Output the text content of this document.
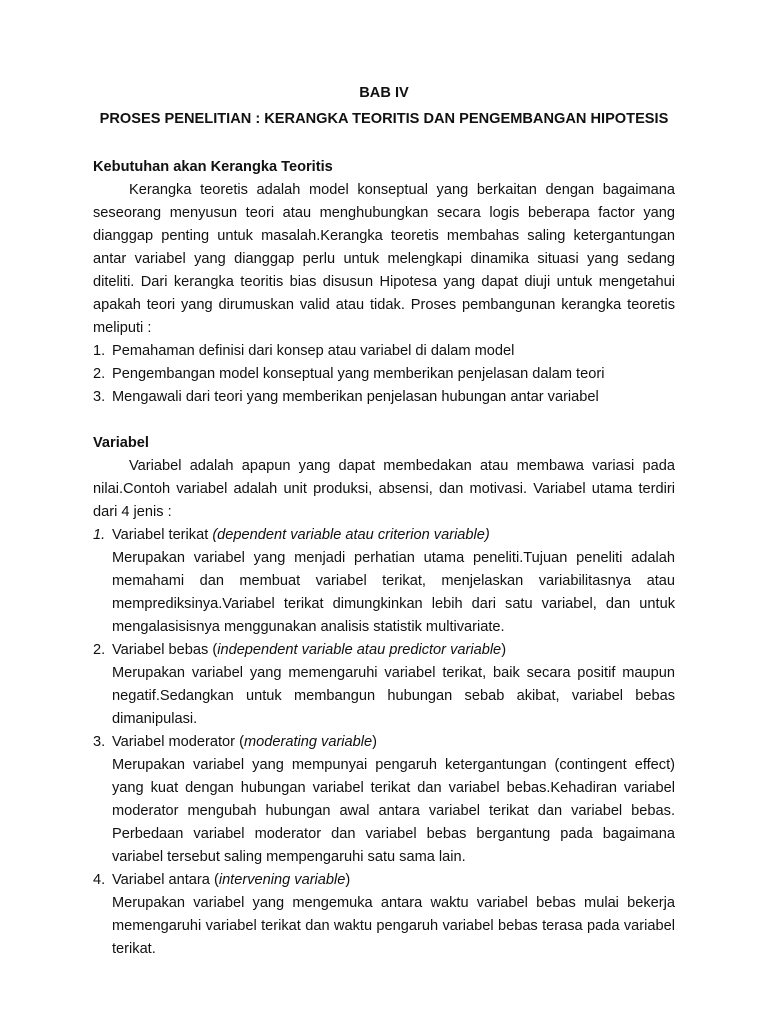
BAB IV
PROSES PENELITIAN : KERANGKA TEORITIS DAN PENGEMBANGAN HIPOTESIS
Kebutuhan akan Kerangka Teoritis

Kerangka teoretis adalah model konseptual yang berkaitan dengan bagaimana seseorang menyusun teori atau menghubungkan secara logis beberapa factor yang dianggap penting untuk masalah.Kerangka teoretis membahas saling ketergantungan antar variabel yang dianggap perlu untuk melengkapi dinamika situasi yang sedang diteliti. Dari kerangka teoritis bias disusun Hipotesa yang dapat diuji untuk mengetahui apakah teori yang dirumuskan valid atau tidak. Proses pembangunan kerangka teoretis meliputi :

1. Pemahaman definisi dari konsep atau variabel di dalam model
2. Pengembangan model konseptual yang memberikan penjelasan dalam teori
3. Mengawali dari teori yang memberikan penjelasan hubungan antar variabel
Variabel

Variabel adalah apapun yang dapat membedakan atau membawa variasi pada nilai.Contoh variabel adalah unit produksi, absensi, dan motivasi. Variabel utama terdiri dari 4 jenis :

1. Variabel terikat (dependent variable atau criterion variable)
Merupakan variabel yang menjadi perhatian utama peneliti.Tujuan peneliti adalah memahami dan membuat variabel terikat, menjelaskan variabilitasnya atau memprediksinya.Variabel terikat dimungkinkan lebih dari satu variabel, dan untuk mengalasisisnya menggunakan analisis statistik multivariate.
2. Variabel bebas (independent variable atau predictor variable)
Merupakan variabel yang memengaruhi variabel terikat, baik secara positif maupun negatif.Sedangkan untuk membangun hubungan sebab akibat, variabel bebas dimanipulasi.
3. Variabel moderator (moderating variable)
Merupakan variabel yang mempunyai pengaruh ketergantungan (contingent effect) yang kuat dengan hubungan variabel terikat dan variabel bebas.Kehadiran variabel moderator mengubah hubungan awal antara variabel terikat dan variabel bebas. Perbedaan variabel moderator dan variabel bebas bergantung pada bagaimana variabel tersebut saling mempengaruhi satu sama lain.
4. Variabel antara (intervening variable)
Merupakan variabel yang mengemuka antara waktu variabel bebas mulai bekerja memengaruhi variabel terikat dan waktu pengaruh variabel bebas terasa pada variabel terikat.
